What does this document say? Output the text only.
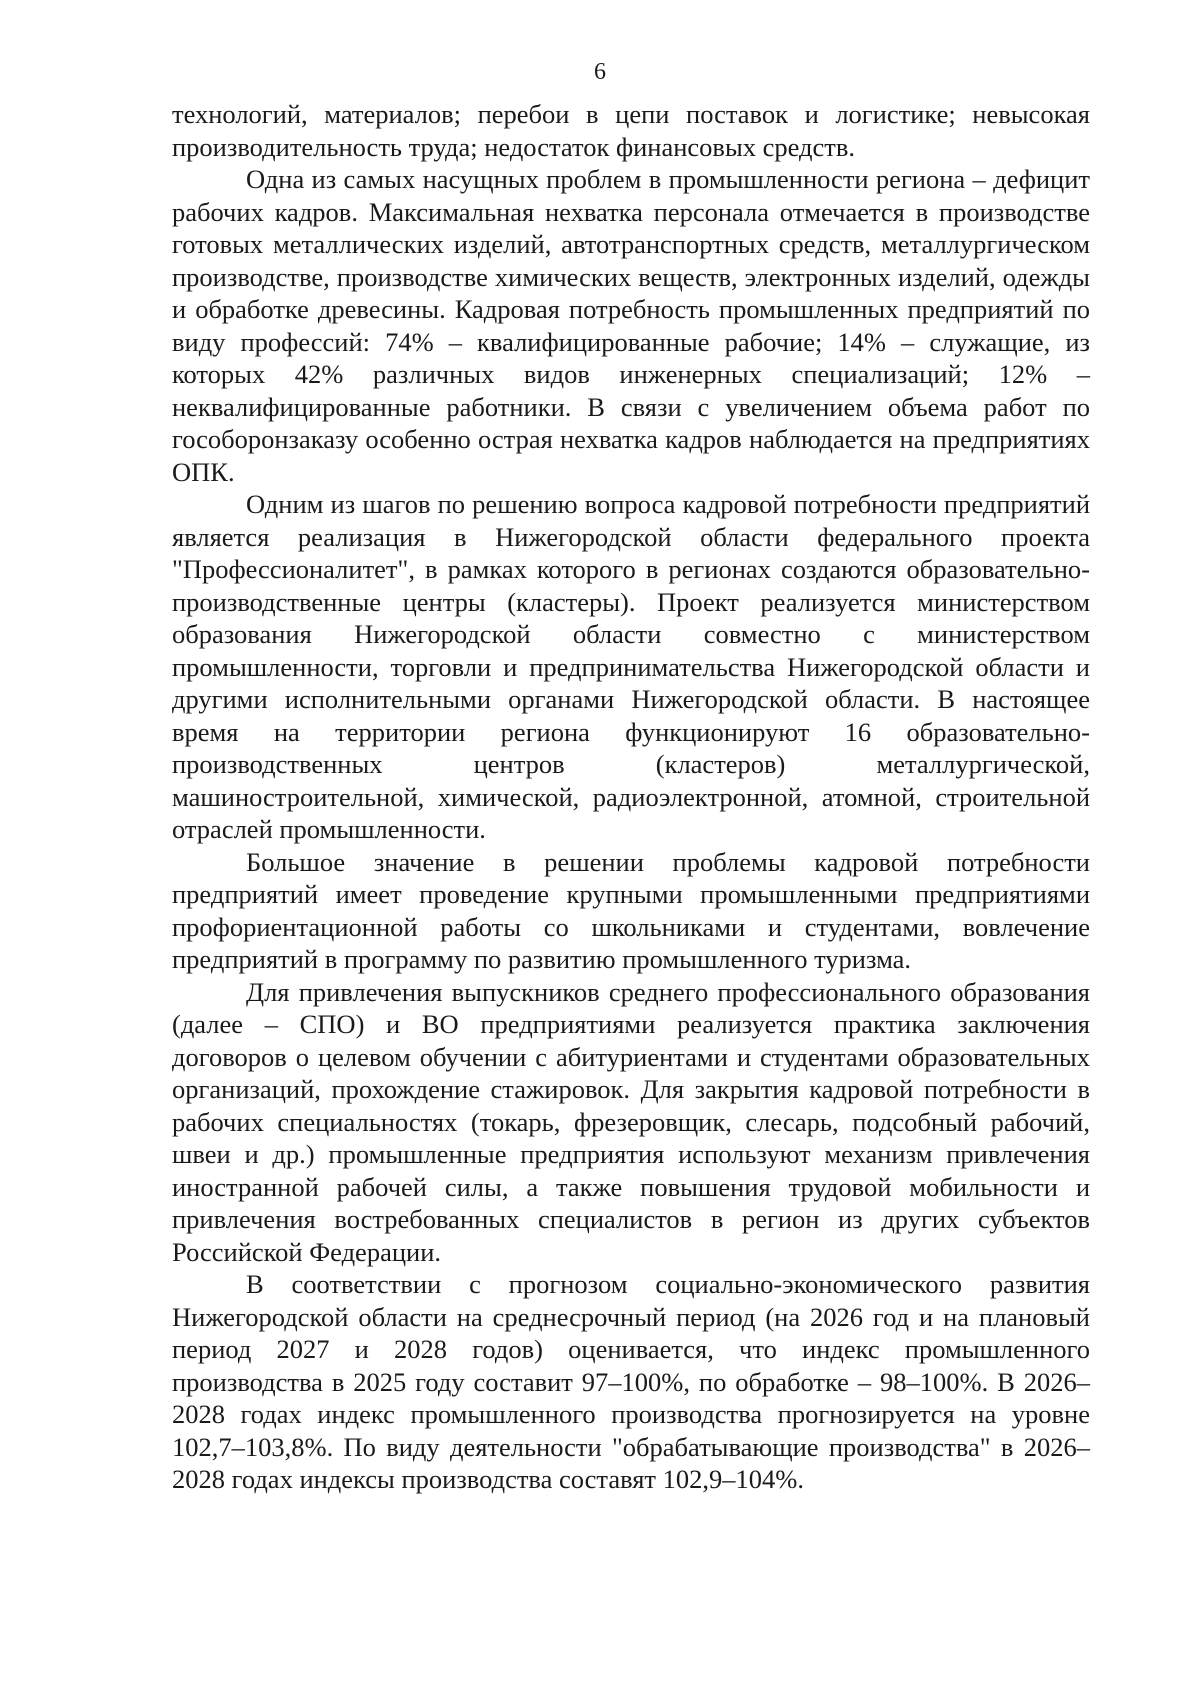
6

технологий, материалов; перебои в цепи поставок и логистике; невысокая производительность труда; недостаток финансовых средств.

Одна из самых насущных проблем в промышленности региона – дефицит рабочих кадров. Максимальная нехватка персонала отмечается в производстве готовых металлических изделий, автотранспортных средств, металлургическом производстве, производстве химических веществ, электронных изделий, одежды и обработке древесины. Кадровая потребность промышленных предприятий по виду профессий: 74% – квалифицированные рабочие; 14% – служащие, из которых 42% различных видов инженерных специализаций; 12% – неквалифицированные работники. В связи с увеличением объема работ по гособоронзаказу особенно острая нехватка кадров наблюдается на предприятиях ОПК.

Одним из шагов по решению вопроса кадровой потребности предприятий является реализация в Нижегородской области федерального проекта "Профессионалитет", в рамках которого в регионах создаются образовательно-производственные центры (кластеры). Проект реализуется министерством образования Нижегородской области совместно с министерством промышленности, торговли и предпринимательства Нижегородской области и другими исполнительными органами Нижегородской области. В настоящее время на территории региона функционируют 16 образовательно-производственных центров (кластеров) металлургической, машиностроительной, химической, радиоэлектронной, атомной, строительной отраслей промышленности.

Большое значение в решении проблемы кадровой потребности предприятий имеет проведение крупными промышленными предприятиями профориентационной работы со школьниками и студентами, вовлечение предприятий в программу по развитию промышленного туризма.

Для привлечения выпускников среднего профессионального образования (далее – СПО) и ВО предприятиями реализуется практика заключения договоров о целевом обучении с абитуриентами и студентами образовательных организаций, прохождение стажировок. Для закрытия кадровой потребности в рабочих специальностях (токарь, фрезеровщик, слесарь, подсобный рабочий, швеи и др.) промышленные предприятия используют механизм привлечения иностранной рабочей силы, а также повышения трудовой мобильности и привлечения востребованных специалистов в регион из других субъектов Российской Федерации.

В соответствии с прогнозом социально-экономического развития Нижегородской области на среднесрочный период (на 2026 год и на плановый период 2027 и 2028 годов) оценивается, что индекс промышленного производства в 2025 году составит 97–100%, по обработке – 98–100%. В 2026–2028 годах индекс промышленного производства прогнозируется на уровне 102,7–103,8%. По виду деятельности "обрабатывающие производства" в 2026–2028 годах индексы производства составят 102,9–104%.
